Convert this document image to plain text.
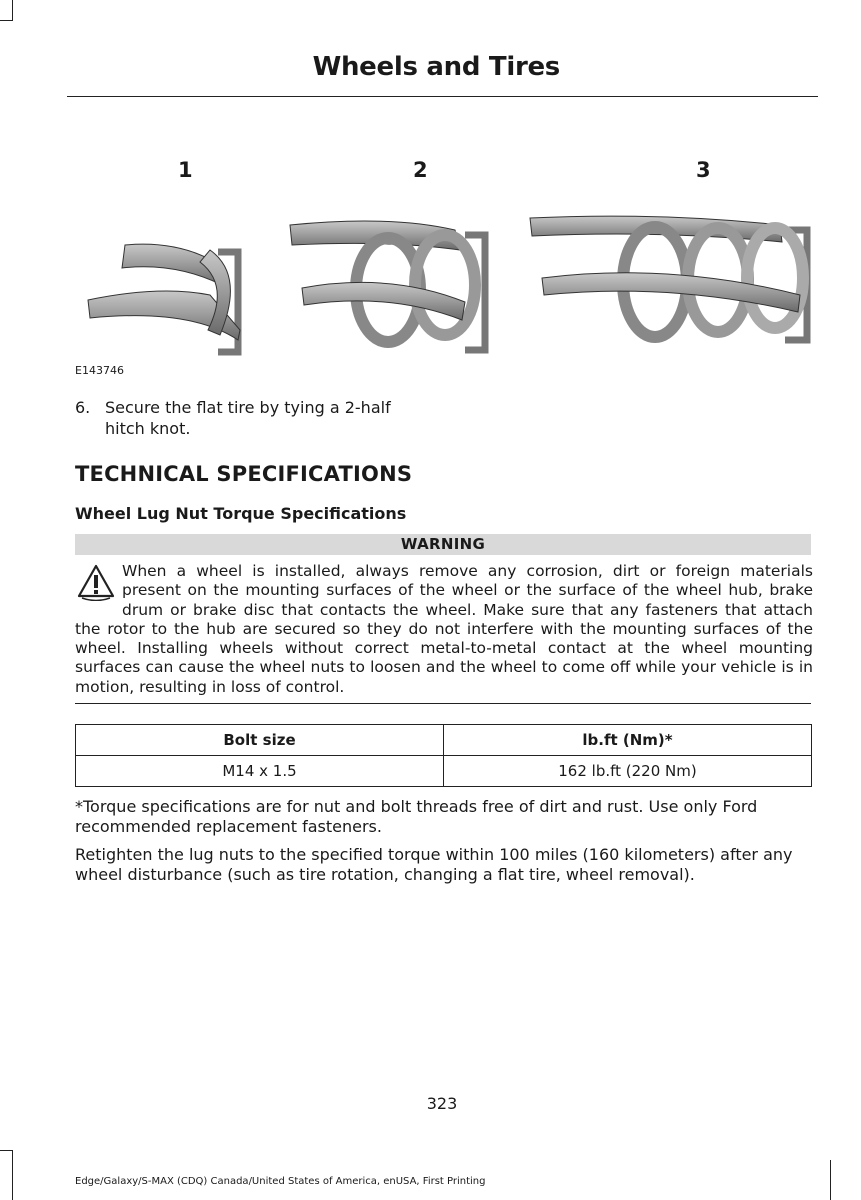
Wheels and Tires
1	2	3
E143746
6. Secure the flat tire by tying a 2-half hitch knot.
TECHNICAL SPECIFICATIONS
Wheel Lug Nut Torque Specifications
WARNING
When a wheel is installed, always remove any corrosion, dirt or foreign materials present on the mounting surfaces of the wheel or the surface of the wheel hub, brake drum or brake disc that contacts the wheel. Make sure that any fasteners that attach the rotor to the hub are secured so they do not interfere with the mounting surfaces of the wheel. Installing wheels without correct metal-to-metal contact at the wheel mounting surfaces can cause the wheel nuts to loosen and the wheel to come off while your vehicle is in motion, resulting in loss of control.
Bolt size	lb.ft (Nm)*
M14 x 1.5	162 lb.ft (220 Nm)
*Torque specifications are for nut and bolt threads free of dirt and rust. Use only Ford recommended replacement fasteners.
Retighten the lug nuts to the specified torque within 100 miles (160 kilometers) after any wheel disturbance (such as tire rotation, changing a flat tire, wheel removal).
323
Edge/Galaxy/S-MAX (CDQ) Canada/United States of America, enUSA, First Printing
